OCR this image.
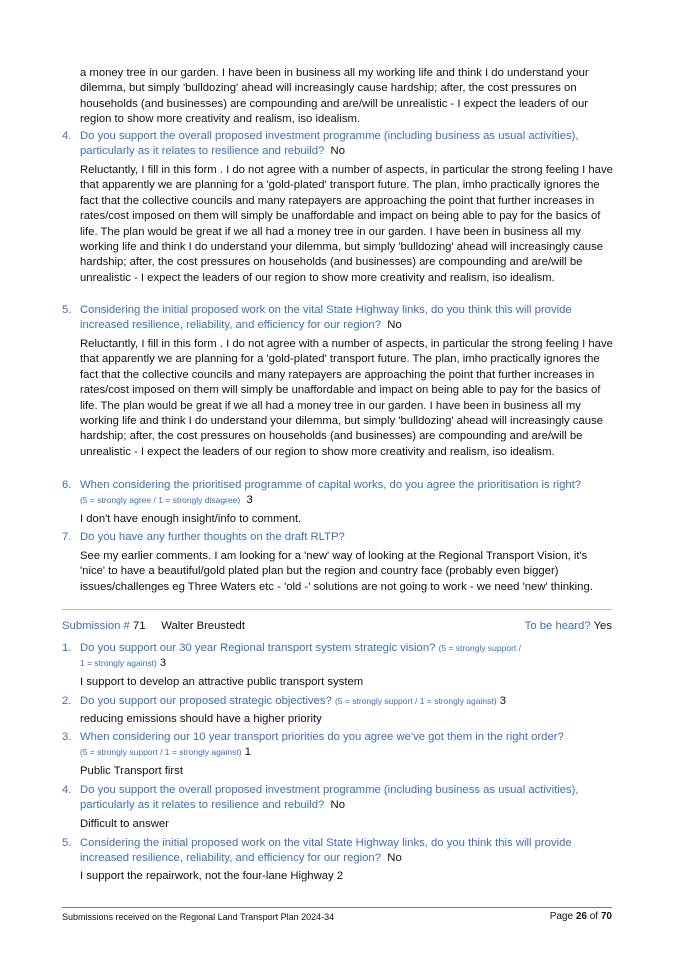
a money tree in our garden. I have been in business all my working life and think I do understand your dilemma, but simply 'bulldozing' ahead will increasingly cause hardship; after, the cost pressures on households (and businesses) are compounding and are/will be unrealistic - I expect the leaders of our region to show more creativity and realism, iso idealism.

4. Do you support the overall proposed investment programme (including business as usual activities),
particularly as it relates to resilience and rebuild? No

Reluctantly, I fill in this form . I do not agree with a number of aspects, in particular the strong feeling I have that apparently we are planning for a 'gold-plated' transport future. The plan, imho practically ignores the fact that the collective councils and many ratepayers are approaching the point that further increases in rates/cost imposed on them will simply be unaffordable and impact on being able to pay for the basics of life. The plan would be great if we all had a money tree in our garden. I have been in business all my working life and think I do understand your dilemma, but simply 'bulldozing' ahead will increasingly cause hardship; after, the cost pressures on households (and businesses) are compounding and are/will be unrealistic - I expect the leaders of our region to show more creativity and realism, iso idealism.

5. Considering the initial proposed work on the vital State Highway links, do you think this will provide
increased resilience, reliability, and efficiency for our region? No

Reluctantly, I fill in this form . I do not agree with a number of aspects, in particular the strong feeling I have that apparently we are planning for a 'gold-plated' transport future. The plan, imho practically ignores the fact that the collective councils and many ratepayers are approaching the point that further increases in rates/cost imposed on them will simply be unaffordable and impact on being able to pay for the basics of life. The plan would be great if we all had a money tree in our garden. I have been in business all my working life and think I do understand your dilemma, but simply 'bulldozing' ahead will increasingly cause hardship; after, the cost pressures on households (and businesses) are compounding and are/will be unrealistic - I expect the leaders of our region to show more creativity and realism, iso idealism.

6. When considering the prioritised programme of capital works, do you agree the prioritisation is right?
(5 = strongly agree / 1 = strongly disagree) 3

I don't have enough insight/info to comment.

7. Do you have any further thoughts on the draft RLTP?

See my earlier comments. I am looking for a 'new' way of looking at the Regional Transport Vision, it's 'nice' to have a beautiful/gold plated plan but the region and country face (probably even bigger) issues/challenges eg Three Waters etc - 'old -' solutions are not going to work - we need 'new' thinking.

Submission # 71 Walter Breustedt	To be heard? Yes
1. Do you support our 30 year Regional transport system strategic vision? (5 = strongly support /
1 = strongly against) 3

I support to develop an attractive public transport system

2. Do you support our proposed strategic objectives? (5 = strongly support / 1 = strongly against) 3

reducing emissions should have a higher priority

3. When considering our 10 year transport priorities do you agree we've got them in the right order?
(5 = strongly support / 1 = strongly against) 1

Public Transport first

4. Do you support the overall proposed investment programme (including business as usual activities),
particularly as it relates to resilience and rebuild? No

Difficult to answer

5. Considering the initial proposed work on the vital State Highway links, do you think this will provide
increased resilience, reliability, and efficiency for our region? No

I support the repairwork, not the four-lane Highway 2

Submissions received on the Regional Land Transport Plan 2024-34	Page 26 of 70
